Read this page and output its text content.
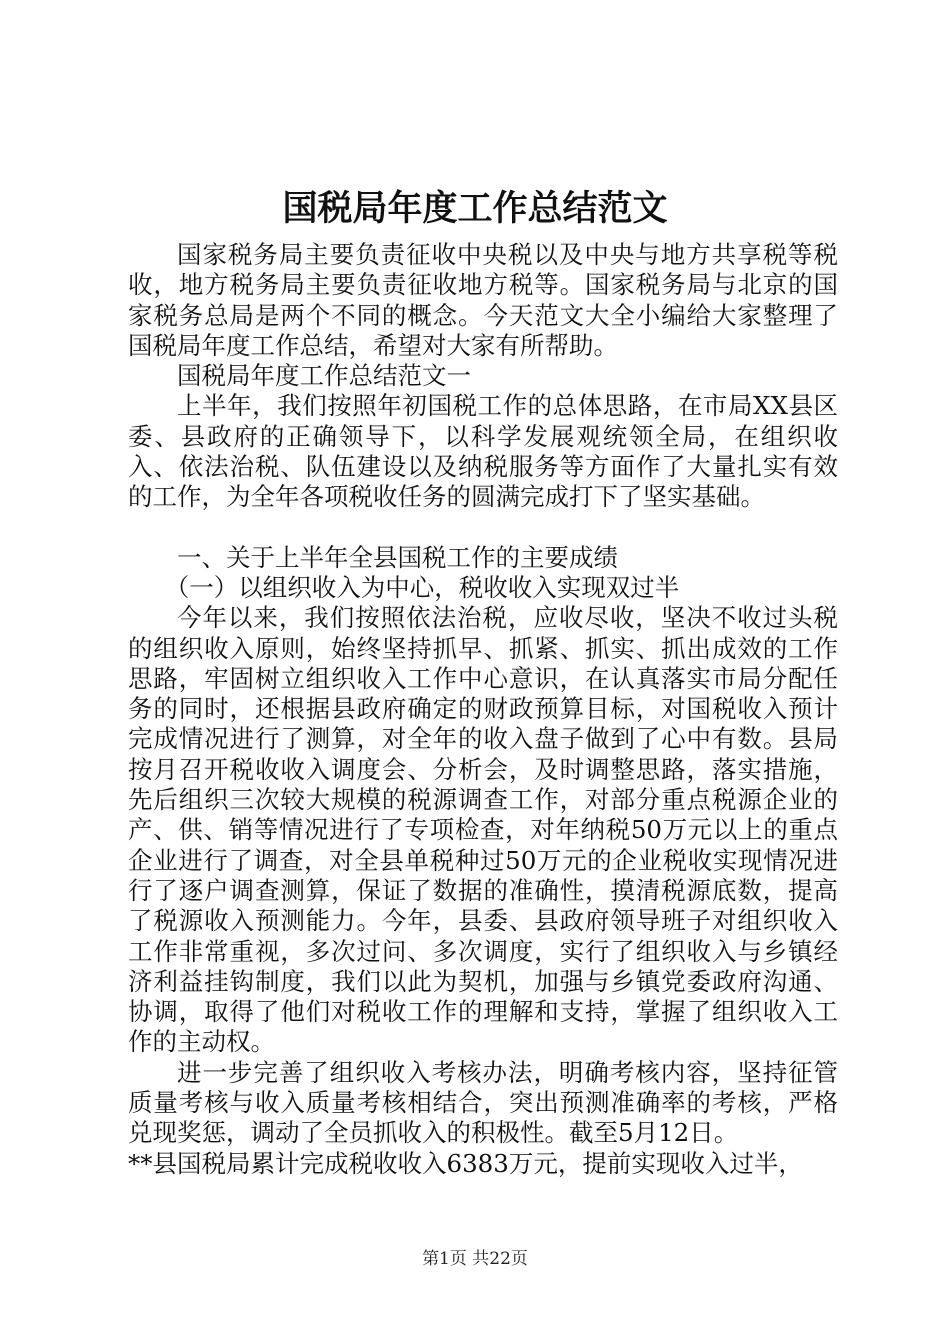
国税局年度工作总结范文

国家税务局主要负责征收中央税以及中央与地方共享税等税收，地方税务局主要负责征收地方税等。国家税务局与北京的国家税务总局是两个不同的概念。今天范文大全小编给大家整理了国税局年度工作总结，希望对大家有所帮助。

国税局年度工作总结范文一

上半年，我们按照年初国税工作的总体思路，在市局XX县区委、县政府的正确领导下，以科学发展观统领全局，在组织收入、依法治税、队伍建设以及纳税服务等方面作了大量扎实有效的工作，为全年各项税收任务的圆满完成打下了坚实基础。

一、关于上半年全县国税工作的主要成绩

（一）以组织收入为中心，税收收入实现双过半

今年以来，我们按照依法治税，应收尽收，坚决不收过头税的组织收入原则，始终坚持抓早、抓紧、抓实、抓出成效的工作思路，牢固树立组织收入工作中心意识，在认真落实市局分配任务的同时，还根据县政府确定的财政预算目标，对国税收入预计完成情况进行了测算，对全年的收入盘子做到了心中有数。县局按月召开税收收入调度会、分析会，及时调整思路，落实措施，先后组织三次较大规模的税源调查工作，对部分重点税源企业的产、供、销等情况进行了专项检查，对年纳税50万元以上的重点企业进行了调查，对全县单税种过50万元的企业税收实现情况进行了逐户调查测算，保证了数据的准确性，摸清税源底数，提高了税源收入预测能力。今年，县委、县政府领导班子对组织收入工作非常重视，多次过问、多次调度，实行了组织收入与乡镇经济利益挂钩制度，我们以此为契机，加强与乡镇党委政府沟通、协调，取得了他们对税收工作的理解和支持，掌握了组织收入工作的主动权。

进一步完善了组织收入考核办法，明确考核内容，坚持征管质量考核与收入质量考核相结合，突出预测准确率的考核，严格兑现奖惩，调动了全员抓收入的积极性。截至5月12日。

**县国税局累计完成税收收入6383万元，提前实现收入过半，

第1页 共22页
